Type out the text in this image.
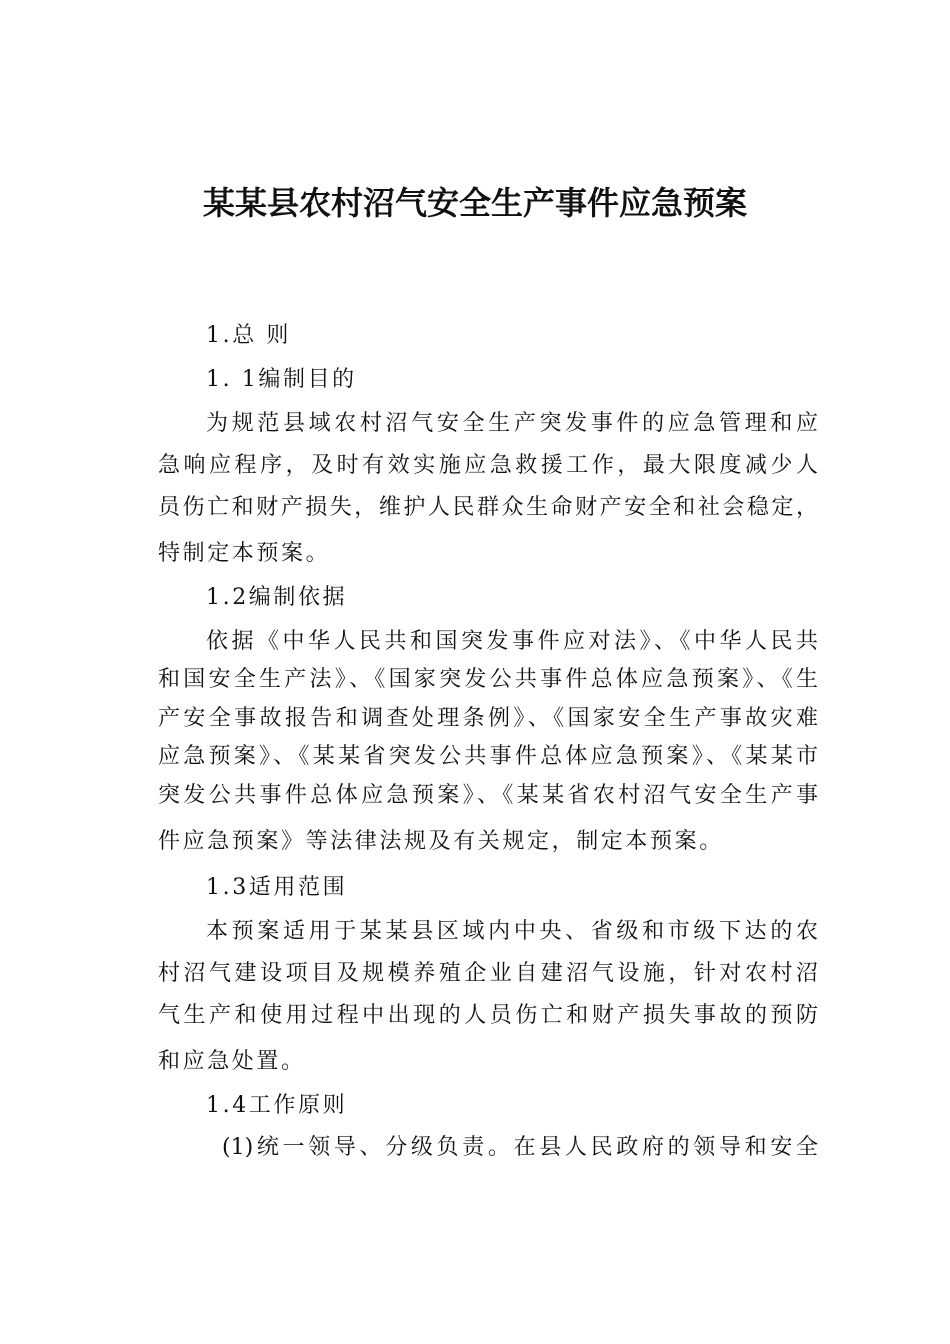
某某县农村沼气安全生产事件应急预案
1.总 则
1. 1编制目的
为规范县域农村沼气安全生产突发事件的应急管理和应
急响应程序，及时有效实施应急救援工作，最大限度减少人
员伤亡和财产损失，维护人民群众生命财产安全和社会稳定，
特制定本预案。
1.2编制依据
依据《中华人民共和国突发事件应对法》、《中华人民共
和国安全生产法》、《国家突发公共事件总体应急预案》、《生
产安全事故报告和调查处理条例》、《国家安全生产事故灾难
应急预案》、《某某省突发公共事件总体应急预案》、《某某市
突发公共事件总体应急预案》、《某某省农村沼气安全生产事
件应急预案》等法律法规及有关规定，制定本预案。
1.3适用范围
本预案适用于某某县区域内中央、省级和市级下达的农
村沼气建设项目及规模养殖企业自建沼气设施，针对农村沼
气生产和使用过程中出现的人员伤亡和财产损失事故的预防
和应急处置。
1.4工作原则
(1)统一领导、分级负责。在县人民政府的领导和安全
